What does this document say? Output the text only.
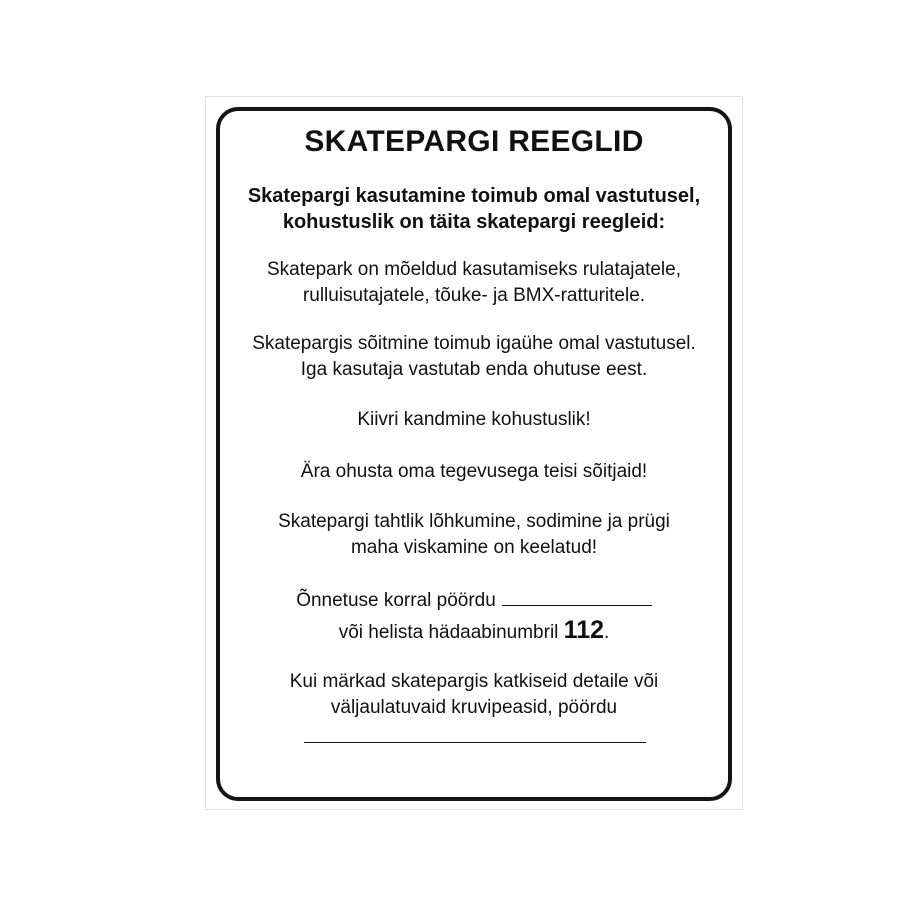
SKATEPARGI REEGLID
Skatepargi kasutamine toimub omal vastutusel,
kohustuslik on täita skatepargi reegleid:
Skatepark on mõeldud kasutamiseks rulatajatele,
rulluisutajatele, tõuke- ja BMX-ratturitele.
Skatepargis sõitmine toimub igaühe omal vastutusel.
Iga kasutaja vastutab enda ohutuse eest.
Kiivri kandmine kohustuslik!
Ära ohusta oma tegevusega teisi sõitjaid!
Skatepargi tahtlik lõhkumine, sodimine ja prügi
maha viskamine on keelatud!
Õnnetuse korral pöördu
või helista hädaabinumbril 112.
Kui märkad skatepargis katkiseid detaile või
väljaulatuvaid kruvipeasid, pöördu
